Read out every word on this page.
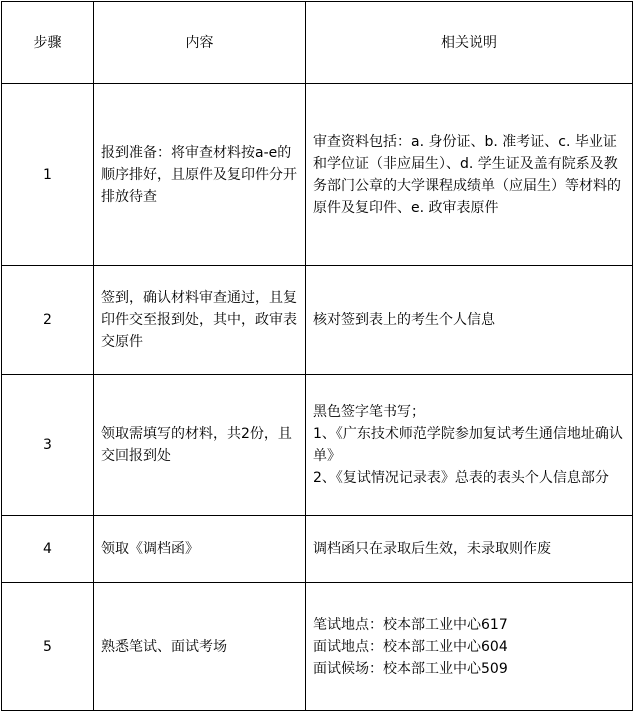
步骤	内容	相关说明
1	报到准备：将审查材料按a-e的顺序排好，且原件及复印件分开排放待查	审查资料包括：a. 身份证、b. 准考证、c. 毕业证和学位证（非应届生）、d. 学生证及盖有院系及教务部门公章的大学课程成绩单（应届生）等材料的原件及复印件、e. 政审表原件

2	签到，确认材料审查通过，且复印件交至报到处，其中，政审表交原件	核对签到表上的考生个人信息

3	领取需填写的材料，共2份，且交回报到处	黑色签字笔书写；
1、《广东技术师范学院参加复试考生通信地址确认单》
2、《复试情况记录表》总表的表头个人信息部分

4	领取《调档函》	调档函只在录取后生效，未录取则作废

5	熟悉笔试、面试考场	笔试地点：校本部工业中心617
面试地点：校本部工业中心604
面试候场：校本部工业中心509
